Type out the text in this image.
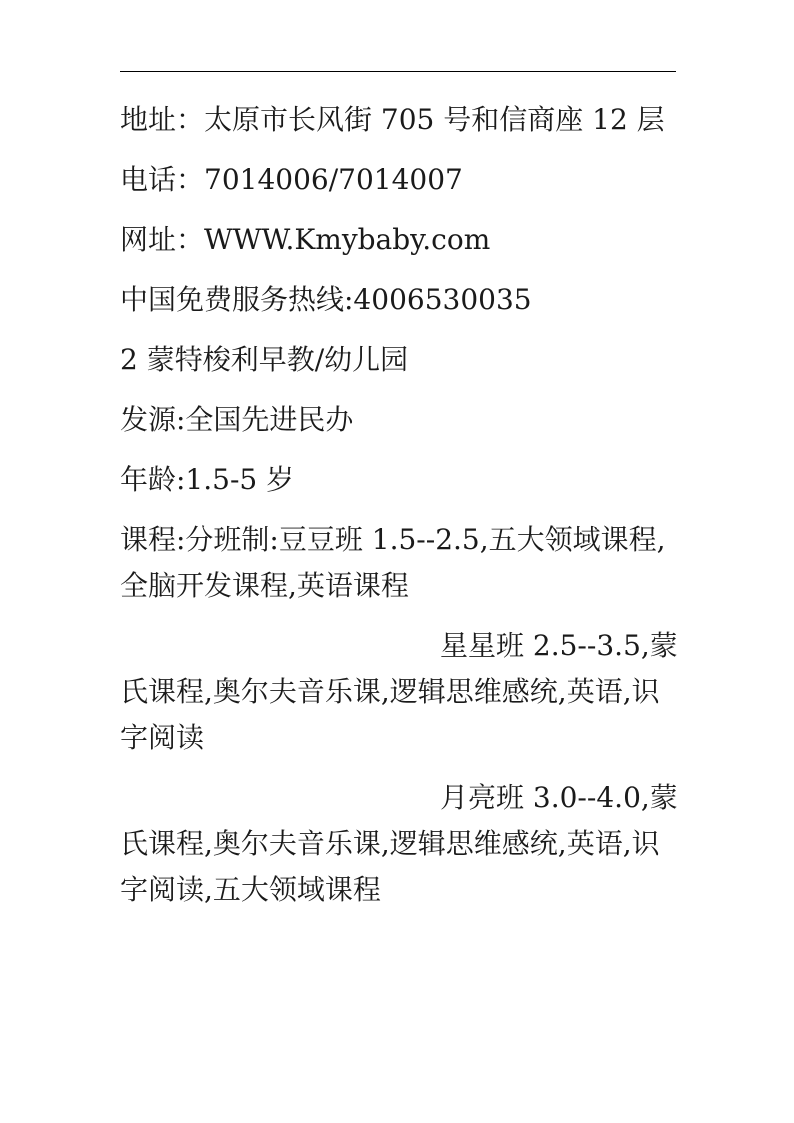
地址：太原市长风街 705 号和信商座 12 层

电话：7014006/7014007

网址：WWW.Kmybaby.com

中国免费服务热线:4006530035

2 蒙特梭利早教/幼儿园

发源:全国先进民办

年龄:1.5-5 岁

课程:分班制:豆豆班 1.5--2.5,五大领域课程,全脑开发课程,英语课程

星星班 2.5--3.5,蒙氏课程,奥尔夫音乐课,逻辑思维感统,英语,识字阅读

月亮班 3.0--4.0,蒙氏课程,奥尔夫音乐课,逻辑思维感统,英语,识字阅读,五大领域课程
